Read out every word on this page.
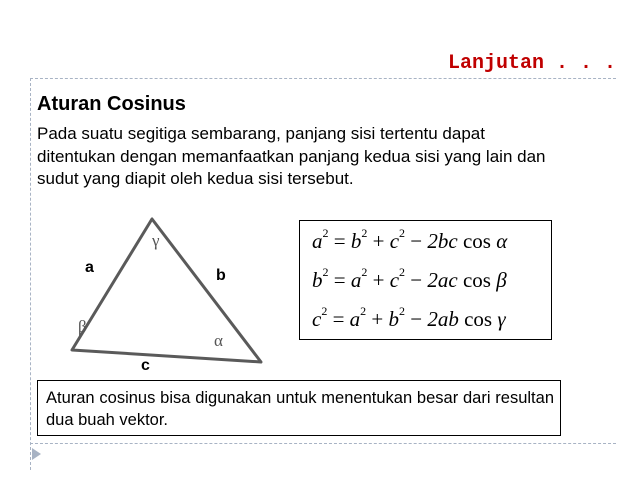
Lanjutan . . .
Aturan Cosinus
Pada suatu segitiga sembarang, panjang sisi tertentu dapat ditentukan dengan memanfaatkan panjang kedua sisi yang lain dan sudut yang diapit oleh kedua sisi tersebut.
a	b
c
γ
β
α
$a^2 = b^2 + c^2 - 2bc$ cos α
$b^2 = a^2 + c^2 - 2ac$ cos β
$c^2 = a^2 + b^2 - 2ab$ cos γ
Aturan cosinus bisa digunakan untuk menentukan besar dari resultan dua buah vektor.
